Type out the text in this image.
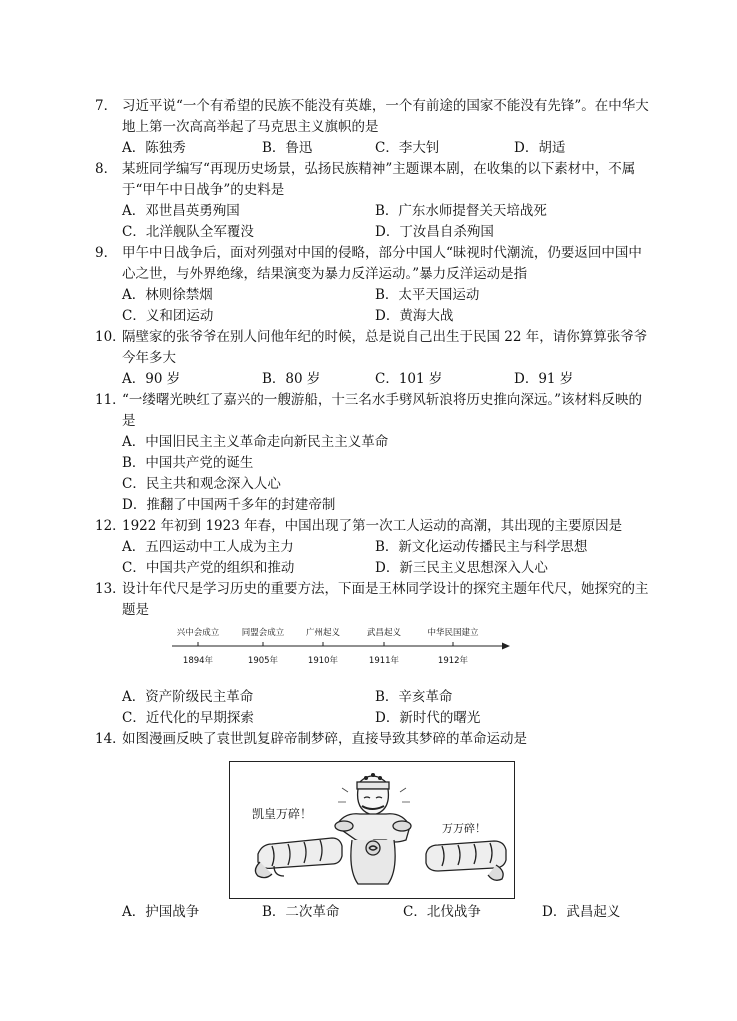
7． 习近平说“一个有希望的民族不能没有英雄，一个有前途的国家不能没有先锋”。在中华大地上第一次高高举起了马克思主义旗帜的是
A．陈独秀	B．鲁迅	C．李大钊	D．胡适
8． 某班同学编写“再现历史场景，弘扬民族精神”主题课本剧，在收集的以下素材中，不属于“甲午中日战争”的史料是
A．邓世昌英勇殉国	B．广东水师提督关天培战死
C．北洋舰队全军覆没	D．丁汝昌自杀殉国
9． 甲午中日战争后，面对列强对中国的侵略，部分中国人“昧视时代潮流，仍要返回中国中心之世，与外界绝缘，结果演变为暴力反洋运动。”暴力反洋运动是指
A．林则徐禁烟	B．太平天国运动
C．义和团运动	D．黄海大战
10．
隔壁家的张爷爷在别人问他年纪的时候，总是说自己出生于民国 22 年，请你算算张爷爷今年多大
A．90 岁	B．80 岁	C．101 岁	D．91 岁
11．
“一缕曙光映红了嘉兴的一艘游船，十三名水手劈风斩浪将历史推向深远。”该材料反映的是
A．中国旧民主主义革命走向新民主主义革命
B．中国共产党的诞生
C．民主共和观念深入人心
D．推翻了中国两千多年的封建帝制
12．
1922 年初到 1923 年春，中国出现了第一次工人运动的高潮，其出现的主要原因是
A．五四运动中工人成为主力	B．新文化运动传播民主与科学思想
C．中国共产党的组织和推动	D．新三民主义思想深入人心
13．
设计年代尺是学习历史的重要方法，下面是王林同学设计的探究主题年代尺，她探究的主题是
兴中会成立	同盟会成立	广州起义	武昌起义	中华民国建立
1894年	1905年	1910年	1911年	1912年
A．资产阶级民主革命	B．辛亥革命
C．近代化的早期探索	D．新时代的曙光
14．
如图漫画反映了袁世凯复辟帝制梦碎，直接导致其梦碎的革命运动是
凯皇万碎！
万万碎！
A．护国战争	B．二次革命	C．北伐战争	D．武昌起义
